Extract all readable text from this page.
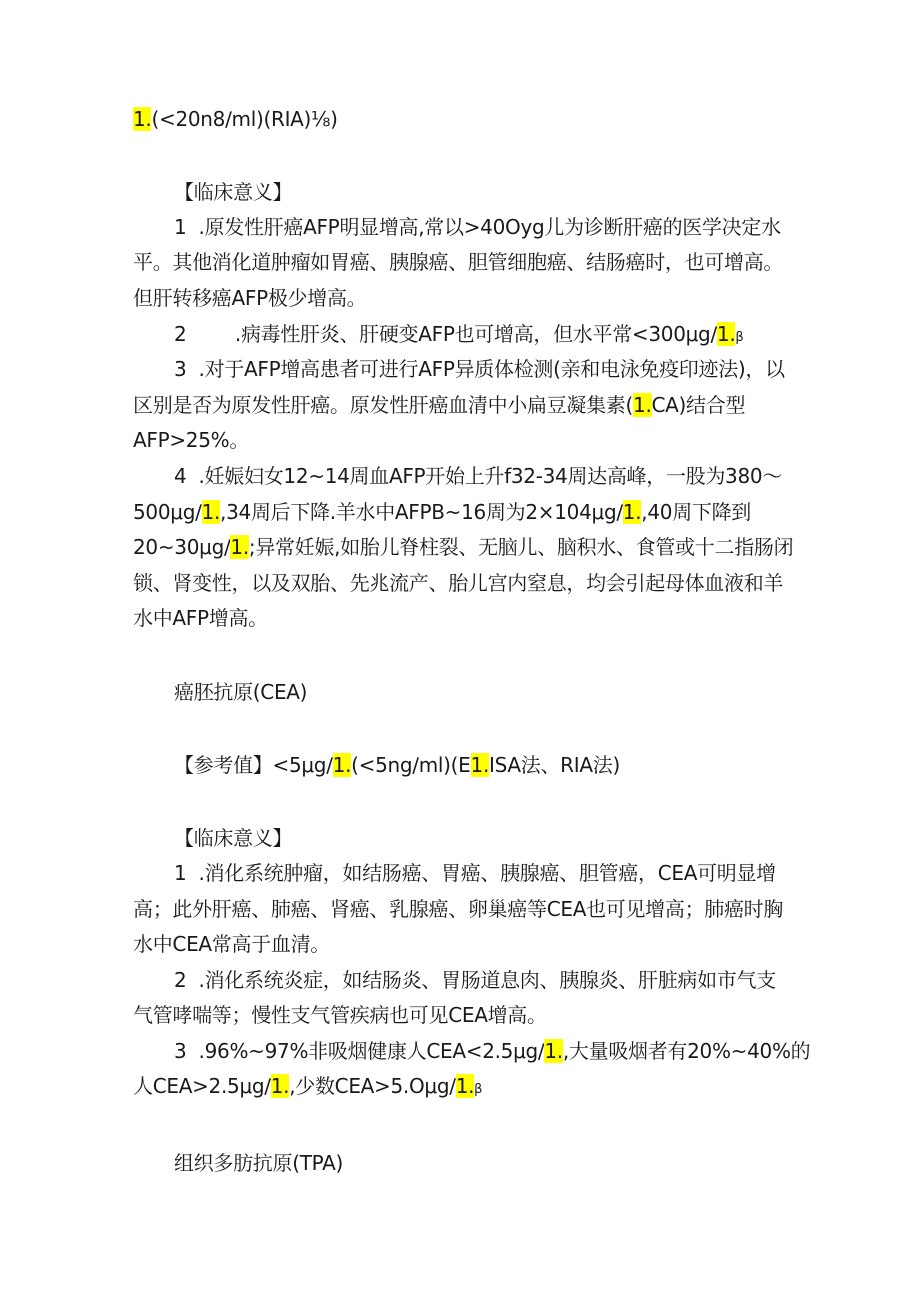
1.(<20n8∕ml)(RIA)⅛)
【临床意义】
1  .原发性肝癌AFP明显增高,常以>40Oyg儿为诊断肝癌的医学决定水
平。其他消化道肿瘤如胃癌、胰腺癌、胆管细胞癌、结肠癌时，也可增高。
但肝转移癌AFP极少增高。
2        .病毒性肝炎、肝硬变AFP也可增高，但水平常<300μg∕1.β
3  .对于AFP增高患者可进行AFP异质体检测(亲和电泳免疫印迹法)，以
区别是否为原发性肝癌。原发性肝癌血清中小扁豆凝集素(1.CA)结合型
AFP>25%。
4  .妊娠妇女12~14周血AFP开始上升f32-34周达高峰，一股为380～
500μg∕1.,34周后下降.羊水中AFPB~16周为2×104μg∕1.,40周下降到
20~30μg∕1.;异常妊娠,如胎儿脊柱裂、无脑儿、脑积水、食管或十二指肠闭
锁、肾变性，以及双胎、先兆流产、胎儿宫内窒息，均会引起母体血液和羊
水中AFP增高。
癌胚抗原(CEA)
【参考值】<5μg∕1.(<5ng∕ml)(E1.ISA法、RIA法)
【临床意义】
1  .消化系统肿瘤，如结肠癌、胃癌、胰腺癌、胆管癌，CEA可明显增
高；此外肝癌、肺癌、肾癌、乳腺癌、卵巢癌等CEA也可见增高；肺癌时胸
水中CEA常高于血清。
2  .消化系统炎症，如结肠炎、胃肠道息肉、胰腺炎、肝脏病如市气支
气管哮喘等；慢性支气管疾病也可见CEA增高。
3  .96%~97%非吸烟健康人CEA<2.5μg∕1.,大量吸烟者有20%~40%的
人CEA>2.5μg∕1.,少数CEA>5.Oμg∕1.β
组织多肪抗原(TPA)
